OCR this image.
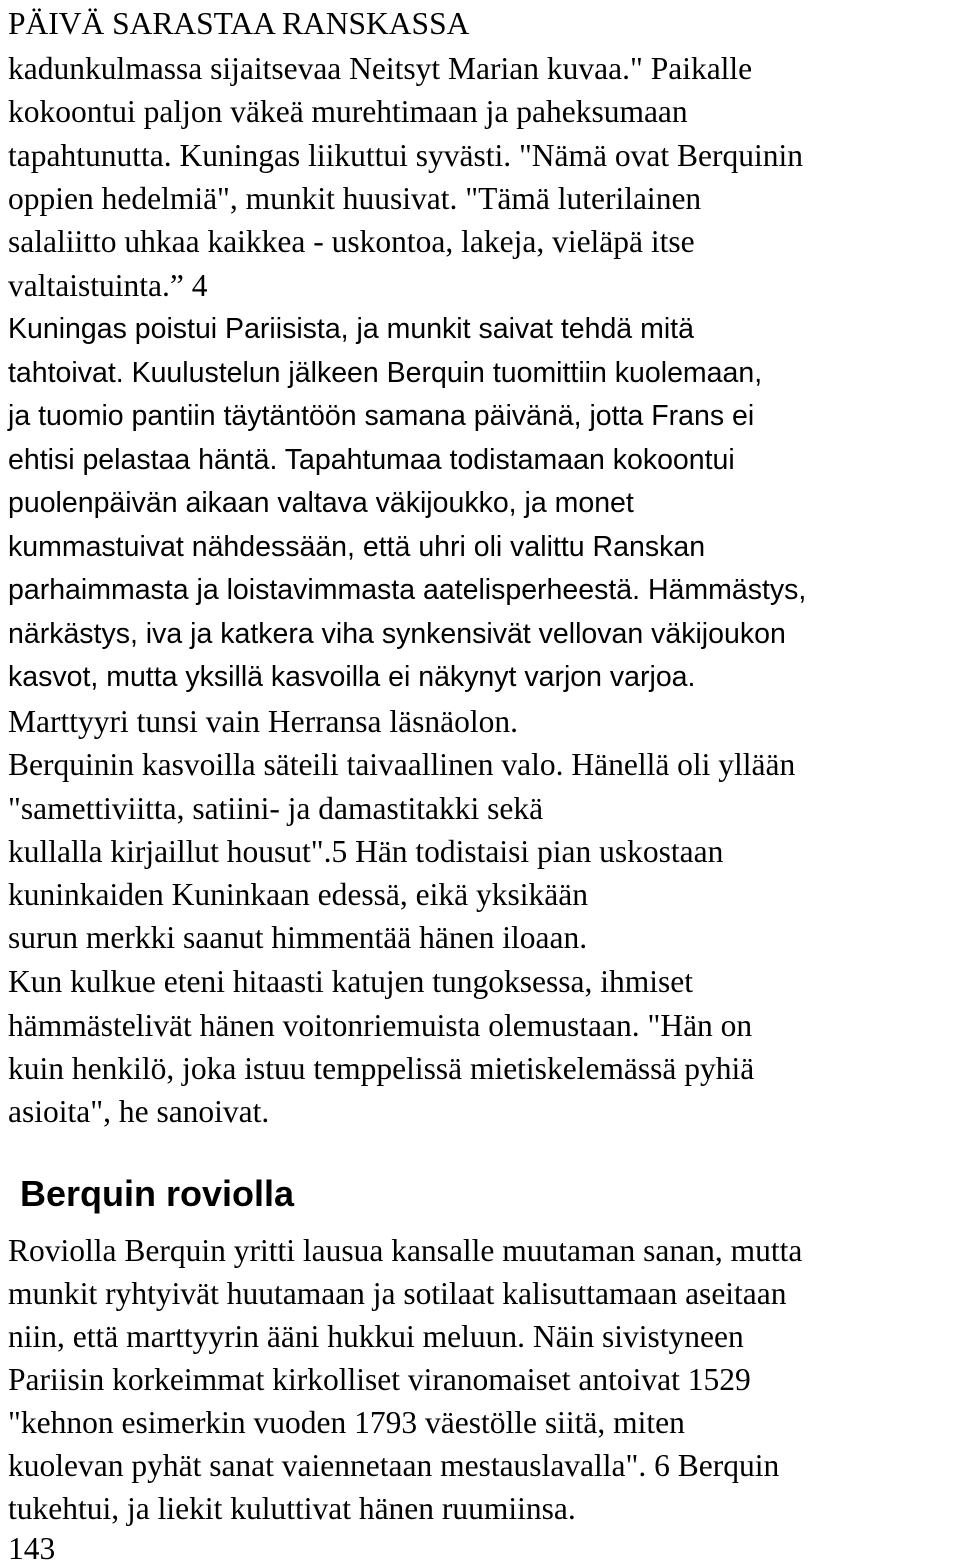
PÄIVÄ SARASTAA RANSKASSA
kadunkulmassa sijaitsevaa Neitsyt Marian kuvaa." Paikalle
kokoontui paljon väkeä murehtimaan ja paheksumaan
tapahtunutta. Kuningas liikuttui syvästi. "Nämä ovat Berquinin
oppien hedelmiä", munkit huusivat. "Tämä luterilainen
salaliitto uhkaa kaikkea - uskontoa, lakeja, vieläpä itse
valtaistuinta.” 4
Kuningas poistui Pariisista, ja munkit saivat tehdä mitä
tahtoivat. Kuulustelun jälkeen Berquin tuomittiin kuolemaan,
ja tuomio pantiin täytäntöön samana päivänä, jotta Frans ei
ehtisi pelastaa häntä. Tapahtumaa todistamaan kokoontui
puolenpäivän aikaan valtava väkijoukko, ja monet
kummastuivat nähdessään, että uhri oli valittu Ranskan
parhaimmasta ja loistavimmasta aatelisperheestä. Hämmästys,
närkästys, iva ja katkera viha synkensivät vellovan väkijoukon
kasvot, mutta yksillä kasvoilla ei näkynyt varjon varjoa.
Marttyyri tunsi vain Herransa läsnäolon.
Berquinin kasvoilla säteili taivaallinen valo. Hänellä oli yllään
"samettiviitta, satiini- ja damastitakki sekä
kullalla kirjaillut housut".5 Hän todistaisi pian uskostaan
kuninkaiden Kuninkaan edessä, eikä yksikään
surun merkki saanut himmentää hänen iloaan.
Kun kulkue eteni hitaasti katujen tungoksessa, ihmiset
hämmästelivät hänen voitonriemuista olemustaan. "Hän on
kuin henkilö, joka istuu temppelissä mietiskelemässä pyhiä
asioita", he sanoivat.
Berquin roviolla
Roviolla Berquin yritti lausua kansalle muutaman sanan, mutta
munkit ryhtyivät huutamaan ja sotilaat kalisuttamaan aseitaan
niin, että marttyyrin ääni hukkui meluun. Näin sivistyneen
Pariisin korkeimmat kirkolliset viranomaiset antoivat 1529
"kehnon esimerkin vuoden 1793 väestölle siitä, miten
kuolevan pyhät sanat vaiennetaan mestauslavalla". 6 Berquin
tukehtui, ja liekit kuluttivat hänen ruumiinsa.
143
